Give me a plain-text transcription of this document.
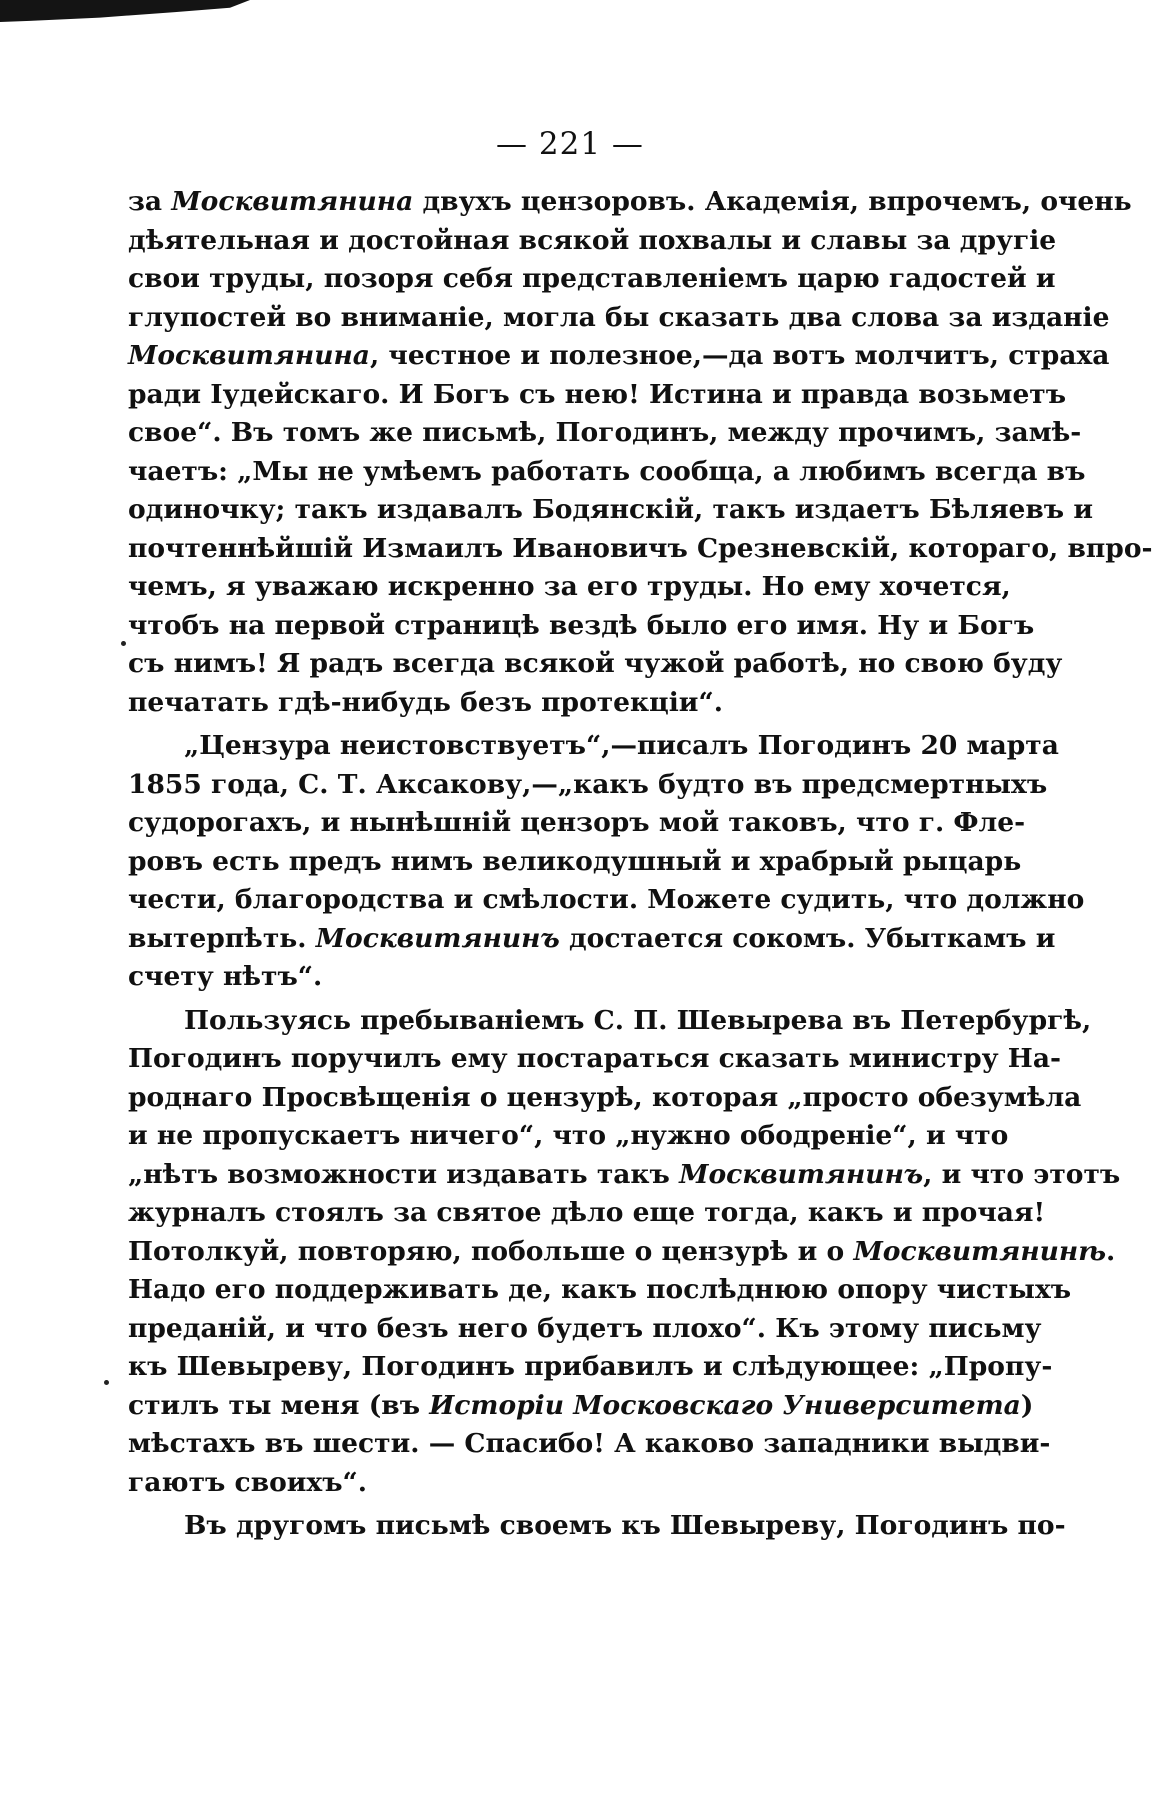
— 221 —
за Москвитянина двухъ цензоровъ. Академія, впрочемъ, очень
дѣятельная и достойная всякой похвалы и славы за другіе
свои труды, позоря себя представленіемъ царю гадостей и
глупостей во вниманіе, могла бы сказать два слова за изданіе
Москвитянина, честное и полезное,—да вотъ молчитъ, страха
ради Іудейскаго. И Богъ съ нею! Истина и правда возьметъ
свое“. Въ томъ же письмѣ, Погодинъ, между прочимъ, замѣ-
чаетъ: „Мы не умѣемъ работать сообща, а любимъ всегда въ
одиночку; такъ издавалъ Бодянскій, такъ издаетъ Бѣляевъ и
почтеннѣйшій Измаилъ Ивановичъ Срезневскій, котораго, впро-
чемъ, я уважаю искренно за его труды. Но ему хочется,
чтобъ на первой страницѣ вездѣ было его имя. Ну и Богъ
съ нимъ! Я радъ всегда всякой чужой работѣ, но свою буду
печатать гдѣ-нибудь безъ протекціи“.
„Цензура неистовствуетъ“,—писалъ Погодинъ 20 марта
1855 года, С. Т. Аксакову,—„какъ будто въ предсмертныхъ
судорогахъ, и нынѣшній цензоръ мой таковъ, что г. Фле-
ровъ есть предъ нимъ великодушный и храбрый рыцарь
чести, благородства и смѣлости. Можете судить, что должно
вытерпѣть. Москвитянинъ достается сокомъ. Убыткамъ и
счету нѣтъ“.
Пользуясь пребываніемъ С. П. Шевырева въ Петербургѣ,
Погодинъ поручилъ ему постараться сказать министру На-
роднаго Просвѣщенія о цензурѣ, которая „просто обезумѣла
и не пропускаетъ ничего“, что „нужно ободреніе“, и что
„нѣтъ возможности издавать такъ Москвитянинъ, и что этотъ
журналъ стоялъ за святое дѣло еще тогда, какъ и прочая!
Потолкуй, повторяю, побольше о цензурѣ и о Москвитянинѣ.
Надо его поддерживать де, какъ послѣднюю опору чистыхъ
преданій, и что безъ него будетъ плохо“. Къ этому письму
къ Шевыреву, Погодинъ прибавилъ и слѣдующее: „Пропу-
стилъ ты меня (въ Исторіи Московскаго Университета)
мѣстахъ въ шести. — Спасибо! А каково западники выдви-
гаютъ своихъ“.
Въ другомъ письмѣ своемъ къ Шевыреву, Погодинъ по-
